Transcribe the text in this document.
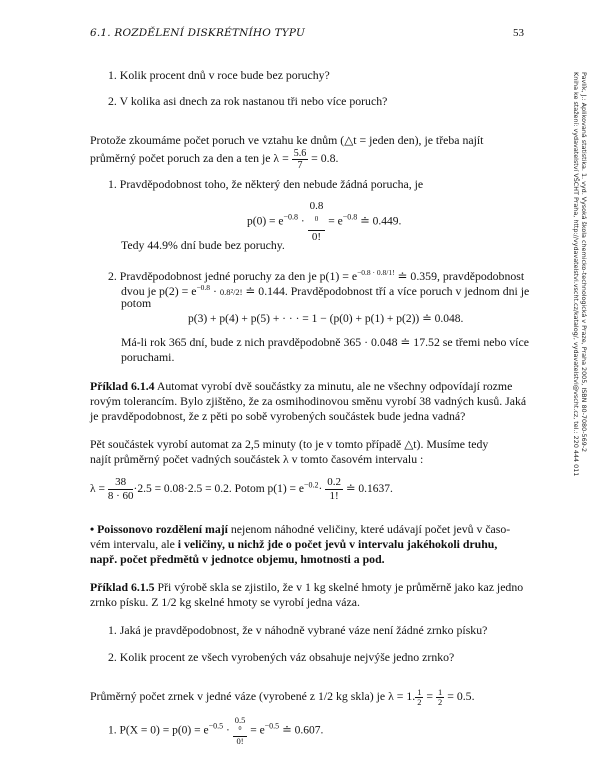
6.1. ROZDĚLENÍ DISKRÉTNÍHO TYPU	53
Pavlík, J.: Aplikovaná statistika. 1. vyd. Vysoká škola chemicko-technologická v Praze, Praha 2005, ISBN 80-7080-569-2
Kniha ke stažení: vydavatelství VŠCHT Praha, http://vydavatelstvi.vscht.cz/katalog/, vydavatelstvi@vscht.cz, tel.: 220 444 011
1. Kolik procent dnů v roce bude bez poruchy?
2. V kolika asi dnech za rok nastanou tři nebo více poruch?
Protože zkoumáme počet poruch ve vztahu ke dnům (△t = jeden den), je třeba najít
průměrný počet poruch za den a ten je $\lambda = \frac{5.6}{7} = 0.8$.
1. Pravděpodobnost toho, že některý den nebude žádná porucha, je
$p(0) = e^{-0.8} \cdot 0.8$
$^0$
0! = $e^{-0.8}$ ≐ 0.449.
Tedy 44.9% dní bude bez poruchy.
2. Pravděpodobnost jedné poruchy za den je $p(1) = e^{-0.8 \cdot 0.8/1!}$ ≐ 0.359, pravděpodobnost
dvou je $p(2) = e^{-0.8} \cdot 0.8^2/2$! ≐ 0.144. Pravděpodobnost tří a více poruch v jednom dni je
potom
p(3) + p(4) + p(5) + · · · = 1 − (p(0) + p(1) + p(2)) ≐ 0.048.
Má-li rok 365 dní, bude z nich pravděpodobně 365 · 0.048 ≐ 17.52 se třemi nebo více
poruchami.
Příklad 6.1.4 Automat vyrobí dvě součástky za minutu, ale ne všechny odpovídají rozme
rovým tolerancím. Bylo zjištěno, že za osmihodinovou směnu vyrobí 38 vadných kusů. Jaká
je pravděpodobnost, že z pěti po sobě vyrobených součástek bude jedna vadná?
Pět součástek vyrobí automat za 2,5 minuty (to je v tomto případě △t). Musíme tedy
najít průměrný počet vadných součástek λ v tomto časovém intervalu :
$\lambda = \frac{38}{8 \cdot 60} \cdot 2.5 = 0.08\cdot 2.5 = 0.2$. Potom $p(1) = e^{-0.2}\cdot \frac{0.2}{1!}$ ≐ 0.1637.
• Poissonovo rozdělení mají nejenom náhodné veličiny, které udávají počet jevů v časo-
vém intervalu, ale i veličiny, u nichž jde o počet jevů v intervalu jakéhokoli druhu,
např. počet předmětů v jednotce objemu, hmotnosti a pod.
Příklad 6.1.5 Při výrobě skla se zjistilo, že v 1 kg skelné hmoty je průměrně jako kaz jedno
zrnko písku. Z 1/2 kg skelné hmoty se vyrobí jedna váza.
1. Jaká je pravděpodobnost, že v náhodně vybrané váze není žádné zrnko písku?
2. Kolik procent ze všech vyrobených váz obsahuje nejvýše jedno zrnko?
Průměrný počet zrnek v jedné váze (vyrobené z 1/2 kg skla) je λ = 1. $\frac{1}{2} = \frac{1}{2} = 0.5$.
1. $P(X = 0) = p(0) = e^{-0.5} \cdot 0.5$
$^0$
0! = $e^{-0.5}$ ≐ 0.607.
